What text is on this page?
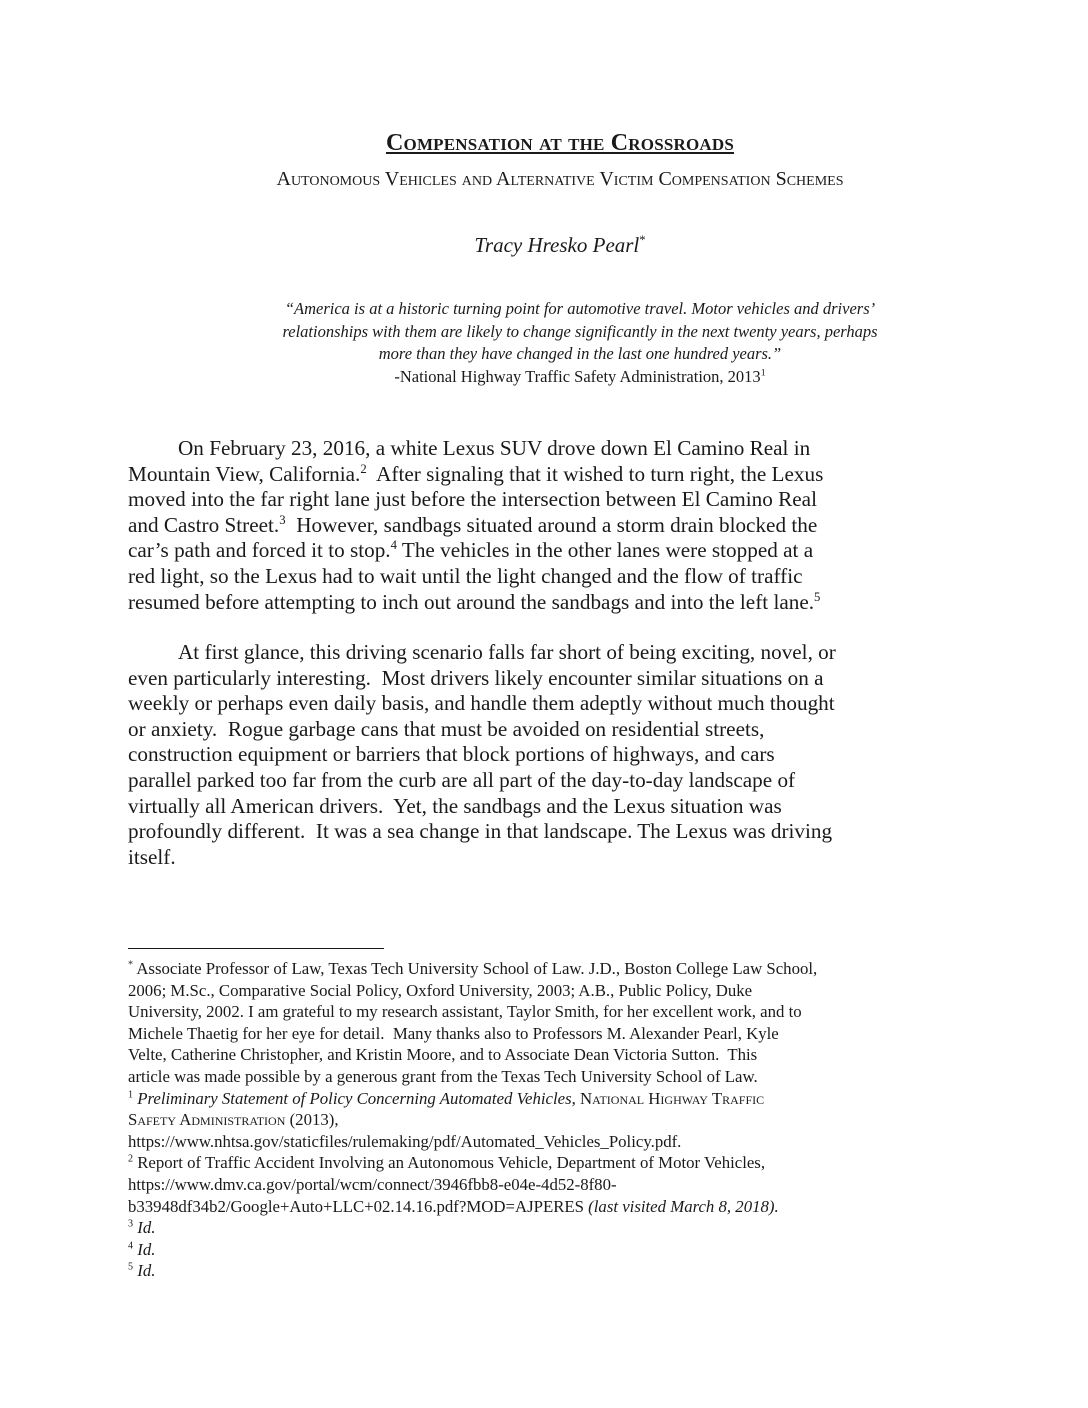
Compensation at the Crossroads
Autonomous Vehicles and Alternative Victim Compensation Schemes
Tracy Hresko Pearl*
“America is at a historic turning point for automotive travel. Motor vehicles and drivers’
relationships with them are likely to change significantly in the next twenty years, perhaps
more than they have changed in the last one hundred years.”
-National Highway Traffic Safety Administration, 2013$^1$
On February 23, 2016, a white Lexus SUV drove down El Camino Real in
Mountain View, California.$^2$  After signaling that it wished to turn right, the Lexus
moved into the far right lane just before the intersection between El Camino Real
and Castro Street.$^3$  However, sandbags situated around a storm drain blocked the
car’s path and forced it to stop.$^4$ The vehicles in the other lanes were stopped at a
red light, so the Lexus had to wait until the light changed and the flow of traffic
resumed before attempting to inch out around the sandbags and into the left lane.$^5$
At first glance, this driving scenario falls far short of being exciting, novel, or
even particularly interesting.  Most drivers likely encounter similar situations on a
weekly or perhaps even daily basis, and handle them adeptly without much thought
or anxiety.  Rogue garbage cans that must be avoided on residential streets,
construction equipment or barriers that block portions of highways, and cars
parallel parked too far from the curb are all part of the day-to-day landscape of
virtually all American drivers.  Yet, the sandbags and the Lexus situation was
profoundly different.  It was a sea change in that landscape. The Lexus was driving
itself.
* Associate Professor of Law, Texas Tech University School of Law. J.D., Boston College Law School,
2006; M.Sc., Comparative Social Policy, Oxford University, 2003; A.B., Public Policy, Duke
University, 2002. I am grateful to my research assistant, Taylor Smith, for her excellent work, and to
Michele Thaetig for her eye for detail.  Many thanks also to Professors M. Alexander Pearl, Kyle
Velte, Catherine Christopher, and Kristin Moore, and to Associate Dean Victoria Sutton.  This
article was made possible by a generous grant from the Texas Tech University School of Law.
$^1$ Preliminary Statement of Policy Concerning Automated Vehicles, National Highway Traffic
Safety Administration (2013),
https://www.nhtsa.gov/staticfiles/rulemaking/pdf/Automated_Vehicles_Policy.pdf.
$^2$ Report of Traffic Accident Involving an Autonomous Vehicle, Department of Motor Vehicles,
https://www.dmv.ca.gov/portal/wcm/connect/3946fbb8-e04e-4d52-8f80-
b33948df34b2/Google+Auto+LLC+02.14.16.pdf?MOD=AJPERES (last visited March 8, 2018).
$^3$ Id.
$^4$ Id.
$^5$ Id.
